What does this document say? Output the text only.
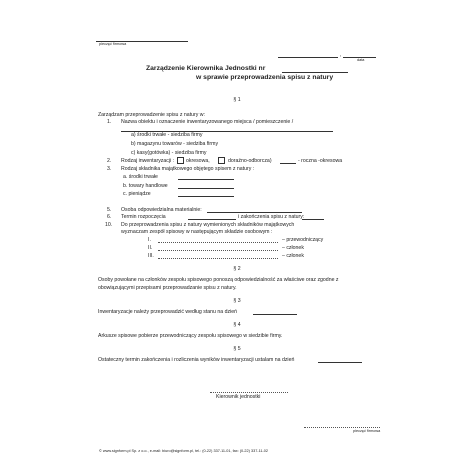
pieczęć firmowa
,
data
Zarządzenie Kierownika Jednostki nr
w sprawie przeprowadzenia spisu z natury
§ 1
Zarządzam przeprowadzenie spisu z natury w:
1. Nazwa obiektu i oznaczenie inwentaryzowanego miejsca / pomieszczenie /
a) środki trwałe - siedziba firmy
b) magazynu towarów - siedziba firmy
c) kasy(gotówka) - siedziba firmy
2. Rodzaj inwentaryzacji : okresowa,	doraźno-odborcza)	- roczna -okresowa
3. Rodzaj składnika majątkowego objętego spisem z natury :
a. środki trwałe
b. towary handlowe
c. pieniądze
5. Osoba odpowiedzialna materialnie:
6. Termin rozpoczęcia	i zakończenia spisu z natury:
10. Do przeprowadzenia spisu z natury wymienionych składników majątkowych
wyznaczam zespół spisowy w następującym składzie osobowym :
I.	– przewodniczący
II.	– członek
III.	– członek
§ 2
Osoby powołane na członków zespołu spisowego ponoszą odpowiedzialność za właściwe oraz zgodne z
obowiązującymi przepisami przeprowadzanie spisu z natury.
§ 3
Inwentaryzacje należy przeprowadzić według stanu na dzień
§ 4
Arkusze spisowe pobierze przewodniczący zespołu spisowego w siedzibie firmy.
§ 5
Ostateczny termin zakończenia i rozliczenia wyników inwentaryzacji ustalam na dzień
Kierownik jednostki
pieczęć firmowa
© www.signform.pl Sp. z o.o., e-mail: biuro@signform.pl, tel.: (0-22) 337-11-01, fax: (0-22) 337-11-02
